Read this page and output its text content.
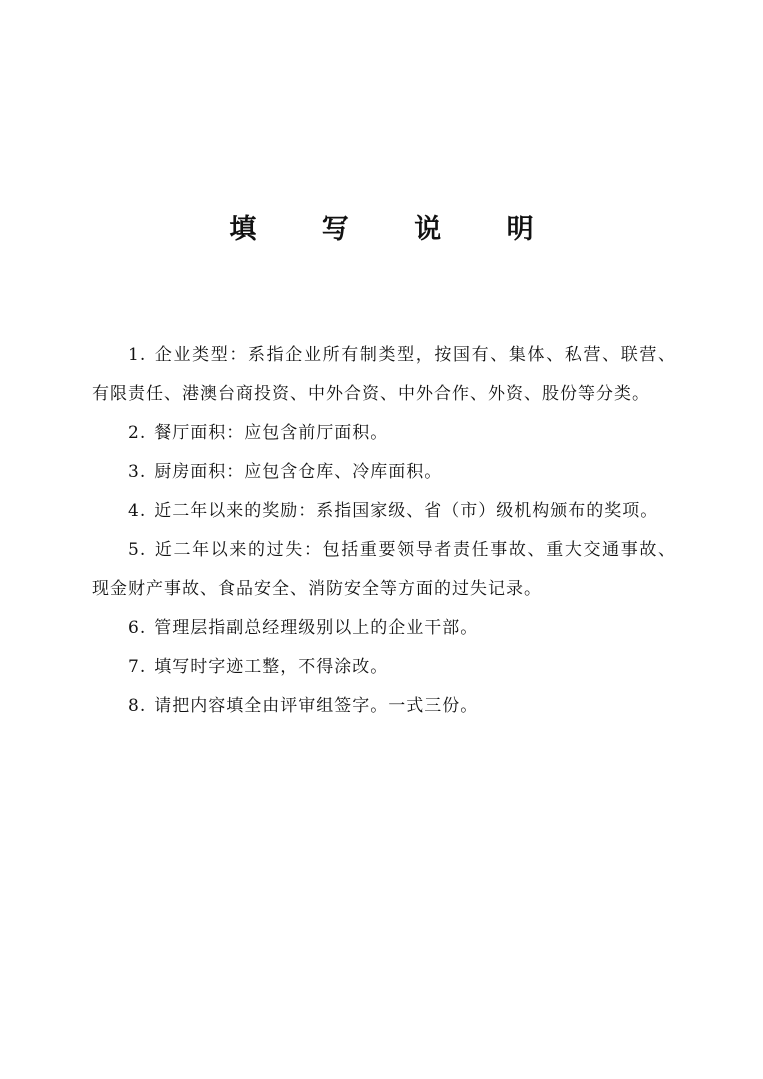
填 写 说 明

1. 企业类型：系指企业所有制类型，按国有、集体、私营、联营、有限责任、港澳台商投资、中外合资、中外合作、外资、股份等分类。

2. 餐厅面积：应包含前厅面积。

3. 厨房面积：应包含仓库、冷库面积。

4. 近二年以来的奖励：系指国家级、省（市）级机构颁布的奖项。

5. 近二年以来的过失：包括重要领导者责任事故、重大交通事故、现金财产事故、食品安全、消防安全等方面的过失记录。

6. 管理层指副总经理级别以上的企业干部。

7. 填写时字迹工整，不得涂改。

8. 请把内容填全由评审组签字。一式三份。
